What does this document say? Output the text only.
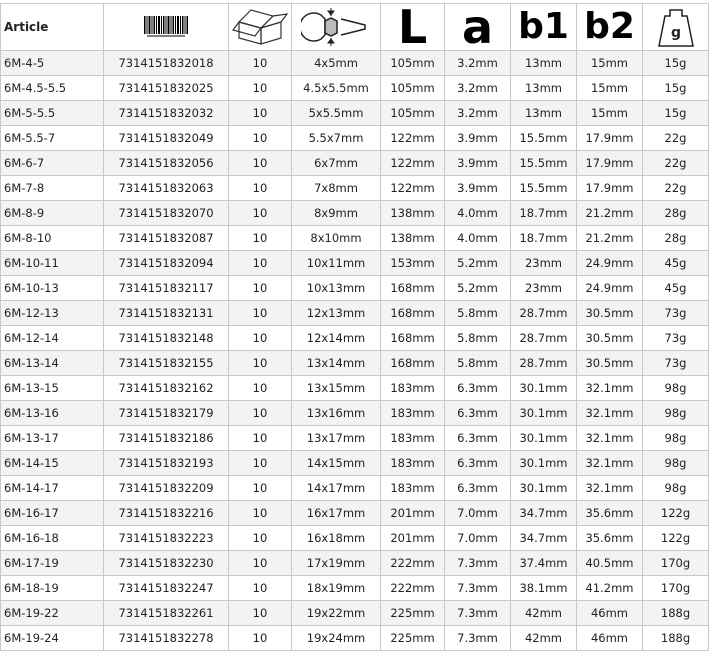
Article				L	a	b1	b2	g

6M-4-5	7314151832018	10	4x5mm	105mm	3.2mm	13mm	15mm	15g
6M-4.5-5.5	7314151832025	10	4.5x5.5mm	105mm	3.2mm	13mm	15mm	15g
6M-5-5.5	7314151832032	10	5x5.5mm	105mm	3.2mm	13mm	15mm	15g
6M-5.5-7	7314151832049	10	5.5x7mm	122mm	3.9mm	15.5mm	17.9mm	22g
6M-6-7	7314151832056	10	6x7mm	122mm	3.9mm	15.5mm	17.9mm	22g
6M-7-8	7314151832063	10	7x8mm	122mm	3.9mm	15.5mm	17.9mm	22g
6M-8-9	7314151832070	10	8x9mm	138mm	4.0mm	18.7mm	21.2mm	28g
6M-8-10	7314151832087	10	8x10mm	138mm	4.0mm	18.7mm	21.2mm	28g
6M-10-11	7314151832094	10	10x11mm	153mm	5.2mm	23mm	24.9mm	45g
6M-10-13	7314151832117	10	10x13mm	168mm	5.2mm	23mm	24.9mm	45g
6M-12-13	7314151832131	10	12x13mm	168mm	5.8mm	28.7mm	30.5mm	73g
6M-12-14	7314151832148	10	12x14mm	168mm	5.8mm	28.7mm	30.5mm	73g
6M-13-14	7314151832155	10	13x14mm	168mm	5.8mm	28.7mm	30.5mm	73g
6M-13-15	7314151832162	10	13x15mm	183mm	6.3mm	30.1mm	32.1mm	98g
6M-13-16	7314151832179	10	13x16mm	183mm	6.3mm	30.1mm	32.1mm	98g
6M-13-17	7314151832186	10	13x17mm	183mm	6.3mm	30.1mm	32.1mm	98g
6M-14-15	7314151832193	10	14x15mm	183mm	6.3mm	30.1mm	32.1mm	98g
6M-14-17	7314151832209	10	14x17mm	183mm	6.3mm	30.1mm	32.1mm	98g
6M-16-17	7314151832216	10	16x17mm	201mm	7.0mm	34.7mm	35.6mm	122g
6M-16-18	7314151832223	10	16x18mm	201mm	7.0mm	34.7mm	35.6mm	122g
6M-17-19	7314151832230	10	17x19mm	222mm	7.3mm	37.4mm	40.5mm	170g
6M-18-19	7314151832247	10	18x19mm	222mm	7.3mm	38.1mm	41.2mm	170g
6M-19-22	7314151832261	10	19x22mm	225mm	7.3mm	42mm	46mm	188g
6M-19-24	7314151832278	10	19x24mm	225mm	7.3mm	42mm	46mm	188g
